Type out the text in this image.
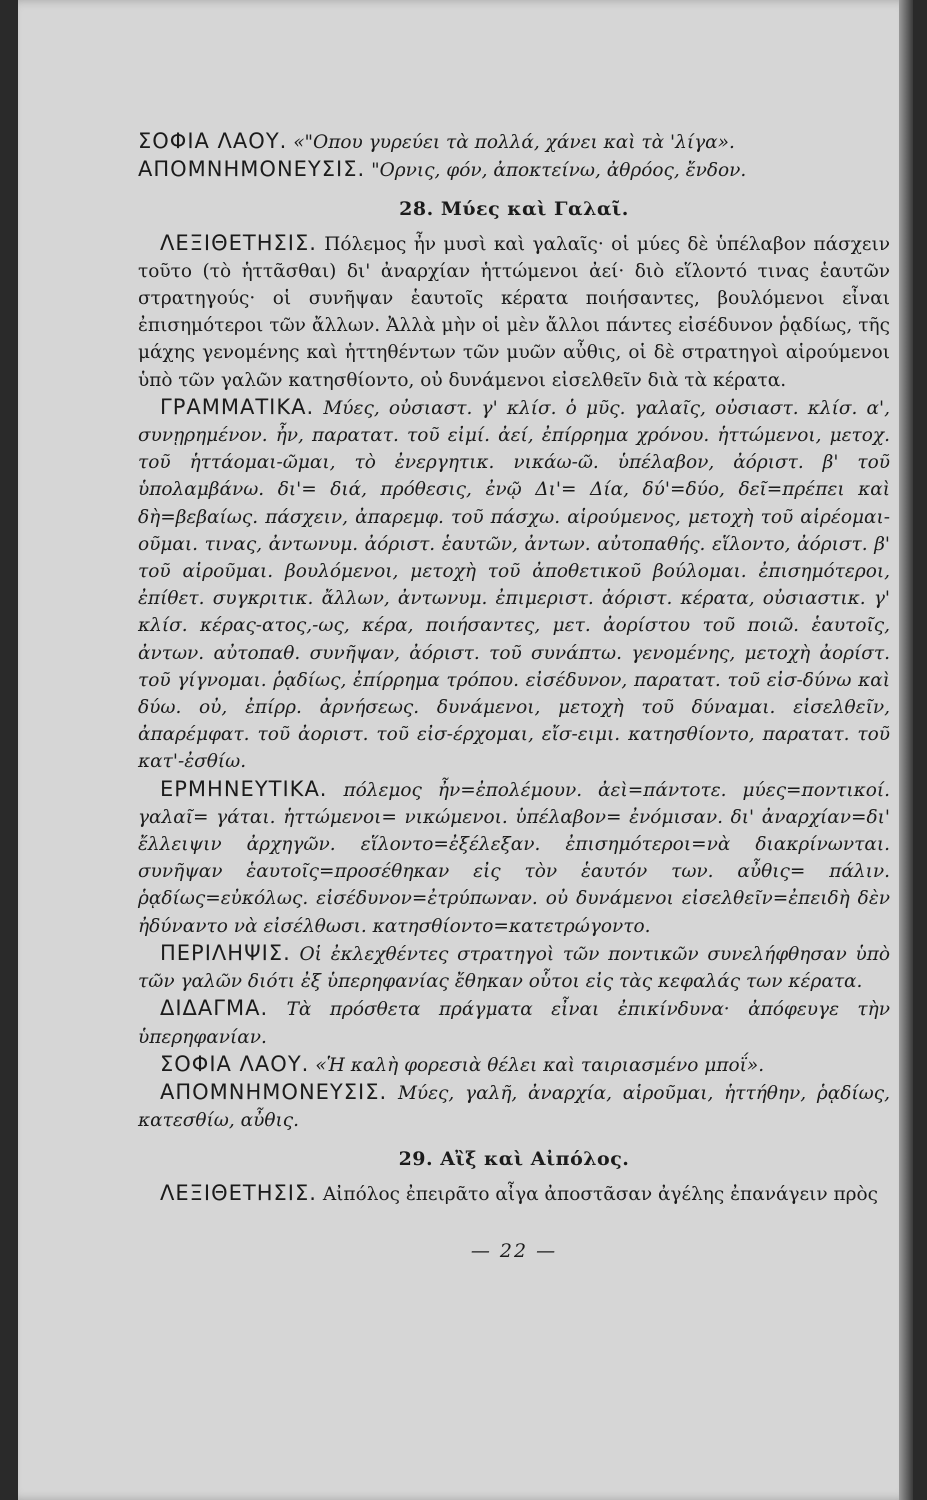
ΣΟΦΙΑ ΛΑΟΥ. «"Οπου γυρεύει τὰ πολλά, χάνει καὶ τὰ 'λίγα».

ΑΠΟΜΝΗΜΟΝΕΥΣΙΣ. "Ορνις, φόν, ἀποκτείνω, ἀθρόος, ἔνδον.

28. Μύες καὶ Γαλαῖ.

ΛΕΞΙΘΕΤΗΣΙΣ. Πόλεμος ἦν μυσὶ καὶ γαλαῖς· οἱ μύες δὲ ὑπέλαβον πάσχειν τοῦτο (τὸ ἡττᾶσθαι) δι' ἀναρχίαν ἡττώμενοι ἀεί· διὸ εἵλοντό τινας ἑαυτῶν στρατηγούς· οἱ συνῆψαν ἑαυτοῖς κέρατα ποιήσαντες, βουλόμενοι εἶναι ἐπισημότεροι τῶν ἄλλων. Ἀλλὰ μὴν οἱ μὲν ἄλλοι πάντες εἰσέδυνον ῥᾳδίως, τῆς μάχης γενομένης καὶ ἡττηθέντων τῶν μυῶν αὖθις, οἱ δὲ στρατηγοὶ αἱρούμενοι ὑπὸ τῶν γαλῶν κατησθίοντο, οὐ δυνάμενοι εἰσελθεῖν διὰ τὰ κέρατα.

ΓΡΑΜΜΑΤΙΚΑ. Μύες, οὐσιαστ. γ' κλίσ. ὁ μῦς. γαλαῖς, οὐσιαστ. κλίσ. α', συνῃρημένον. ἦν, παρατατ. τοῦ εἰμί. ἀεί, ἐπίρρημα χρόνου. ἡττώμενοι, μετοχ. τοῦ ἡττάομαι-ῶμαι, τὸ ἐνεργητικ. νικάω-ῶ. ὑπέλαβον, ἀόριστ. β' τοῦ ὑπολαμβάνω. δι'= διά, πρόθεσις, ἐνῷ Δι'= Δία, δύ'=δύο, δεῖ=πρέπει καὶ δὴ=βεβαίως. πάσχειν, ἀπαρεμφ. τοῦ πάσχω. αἱρούμενος, μετοχὴ τοῦ αἱρέομαι-οῦμαι. τινας, ἀντωνυμ. ἀόριστ. ἑαυτῶν, ἀντων. αὐτοπαθής. εἵλοντο, ἀόριστ. β' τοῦ αἱροῦμαι. βουλόμενοι, μετοχὴ τοῦ ἀποθετικοῦ βούλομαι. ἐπισημότεροι, ἐπίθετ. συγκριτικ. ἄλλων, ἀντωνυμ. ἐπιμεριστ. ἀόριστ. κέρατα, οὐσιαστικ. γ' κλίσ. κέρας-ατος,-ως, κέρα, ποιήσαντες, μετ. ἀορίστου τοῦ ποιῶ. ἑαυτοῖς, ἀντων. αὐτοπαθ. συνῆψαν, ἀόριστ. τοῦ συνάπτω. γενομένης, μετοχὴ ἀορίστ. τοῦ γίγνομαι. ῥᾳδίως, ἐπίρρημα τρόπου. εἰσέδυνον, παρατατ. τοῦ εἰσ-δύνω καὶ δύω. οὐ, ἐπίρρ. ἀρνήσεως. δυνάμενοι, μετοχὴ τοῦ δύναμαι. εἰσελθεῖν, ἀπαρέμφατ. τοῦ ἀοριστ. τοῦ εἰσ-έρχομαι, εἴσ-ειμι. κατησθίοντο, παρατατ. τοῦ κατ'-ἐσθίω.

ΕΡΜΗΝΕΥΤΙΚΑ. πόλεμος ἦν=ἐπολέμουν. ἀεὶ=πάντοτε. μύες=ποντικοί. γαλαῖ= γάται. ἡττώμενοι= νικώμενοι. ὑπέλαβον= ἐνόμισαν. δι' ἀναρχίαν=δι' ἔλλειψιν ἀρχηγῶν. εἵλοντο=ἐξέλεξαν. ἐπισημότεροι=νὰ διακρίνωνται. συνῆψαν ἑαυτοῖς=προσέθηκαν εἰς τὸν ἑαυτόν των. αὖθις= πάλιν. ῥᾳδίως=εὐκόλως. εἰσέδυνον=ἐτρύπωναν. οὐ δυνάμενοι εἰσελθεῖν=ἐπειδὴ δὲν ἠδύναντο νὰ εἰσέλθωσι. κατησθίοντο=κατετρώγοντο.

ΠΕΡΙΛΗΨΙΣ. Οἱ ἐκλεχθέντες στρατηγοὶ τῶν ποντικῶν συνελήφθησαν ὑπὸ τῶν γαλῶν διότι ἐξ ὑπερηφανίας ἔθηκαν οὗτοι εἰς τὰς κεφαλάς των κέρατα.

ΔΙΔΑΓΜΑ. Τὰ πρόσθετα πράγματα εἶναι ἐπικίνδυνα· ἀπόφευγε τὴν ὑπερηφανίαν.

ΣΟΦΙΑ ΛΑΟΥ. «Ἡ καλὴ φορεσιὰ θέλει καὶ ταιριασμένο μποΐ».

ΑΠΟΜΝΗΜΟΝΕΥΣΙΣ. Μύες, γαλῆ, ἀναρχία, αἱροῦμαι, ἡττήθην, ῥᾳδίως, κατεσθίω, αὖθις.

29. Αἲξ καὶ Αἰπόλος.

ΛΕΞΙΘΕΤΗΣΙΣ. Αἰπόλος ἐπειρᾶτο αἶγα ἀποστᾶσαν ἀγέλης ἐπανάγειν πρὸς

— 22 —
